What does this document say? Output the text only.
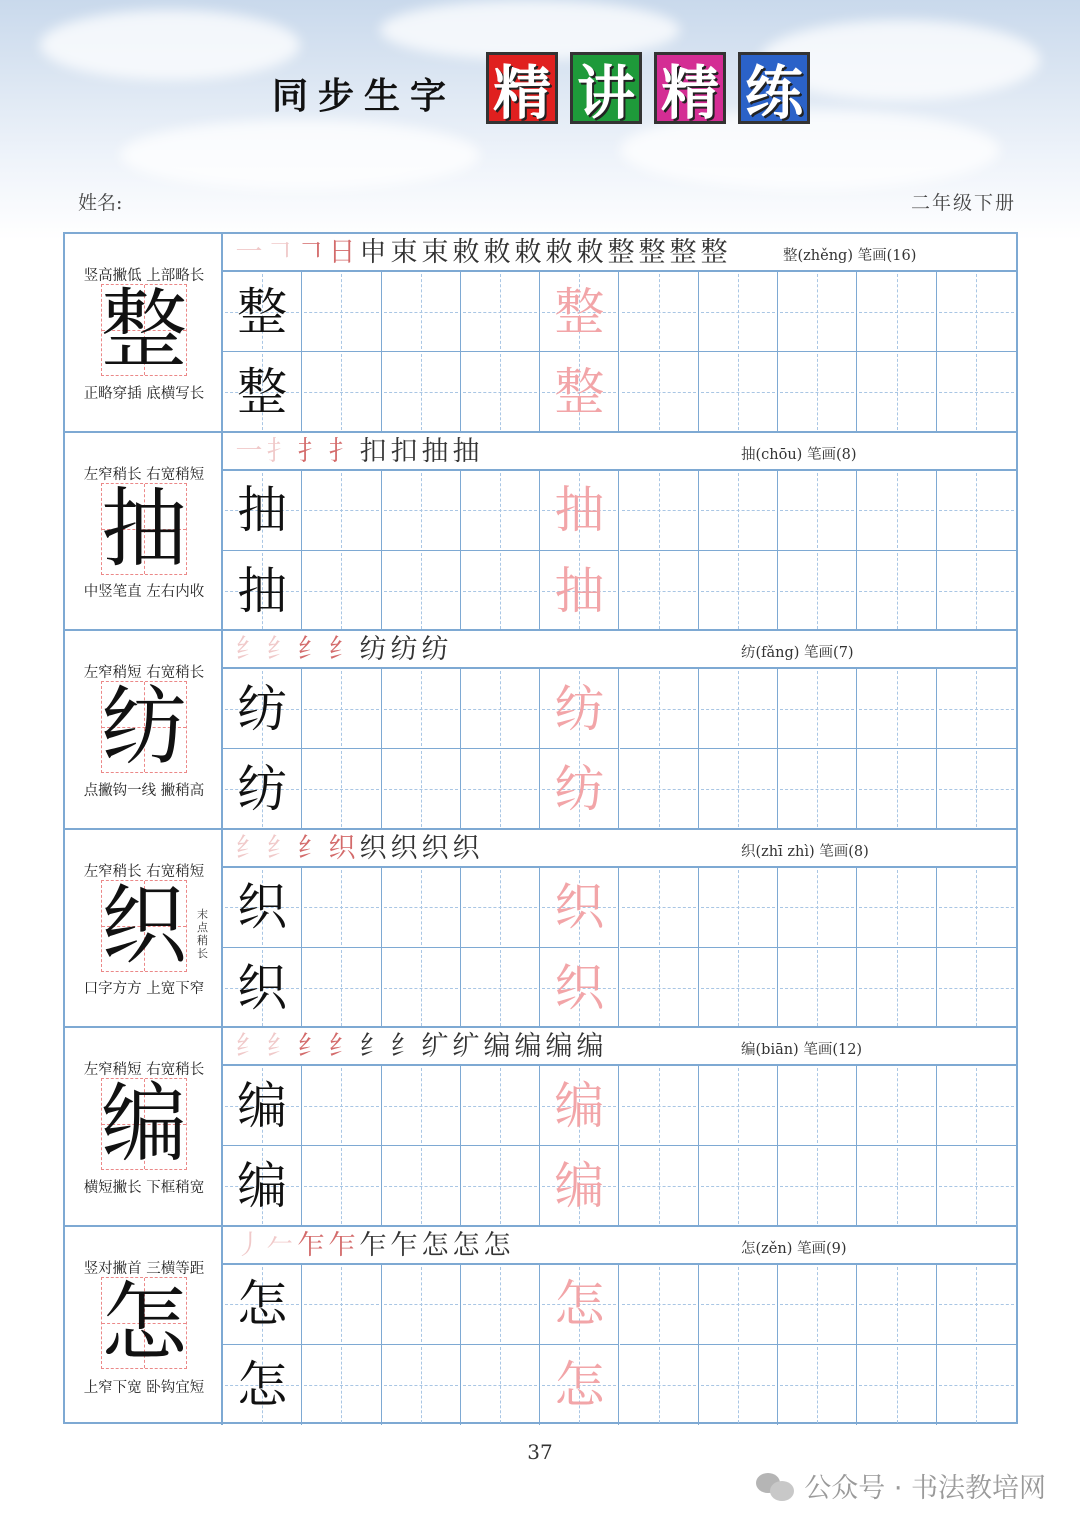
同步生字 精 讲 精 练
姓名:	二年级下册
竖高撇低 上部略长
整
正略穿插 底横写长
一 𠃍 𠃍 日 申 束 束 敕 敕 敕 敕 敕 整 整 整 整	整(zhěng) 笔画(16)
整	整
整	整
左窄稍长 右宽稍短
抽
中竖笔直 左右内收
一 扌 扌 扌 扣 扣 抽 抽	抽(chōu) 笔画(8)
抽	抽
抽	抽
左窄稍短 右宽稍长
纺
点撇钩一线 撇稍高
纟 纟 纟 纟 纺 纺 纺	纺(fǎng) 笔画(7)
纺	纺
纺	纺
左窄稍长 右宽稍短
织 末点稍长
口字方方 上宽下窄
纟 纟 纟 织 织 织 织 织	织(zhī zhì) 笔画(8)
织	织
织	织
左窄稍短 右宽稍长
编
横短撇长 下框稍宽
纟 纟 纟 纟 纟 纟 纩 纩 编 编 编 编	编(biān) 笔画(12)
编	编
编	编
竖对撇首 三横等距
怎
上窄下宽 卧钩宜短
丿 𠂉 乍 乍 乍 乍 怎 怎 怎	怎(zěn) 笔画(9)
怎	怎
怎	怎
37
公众号 · 书法教培网
